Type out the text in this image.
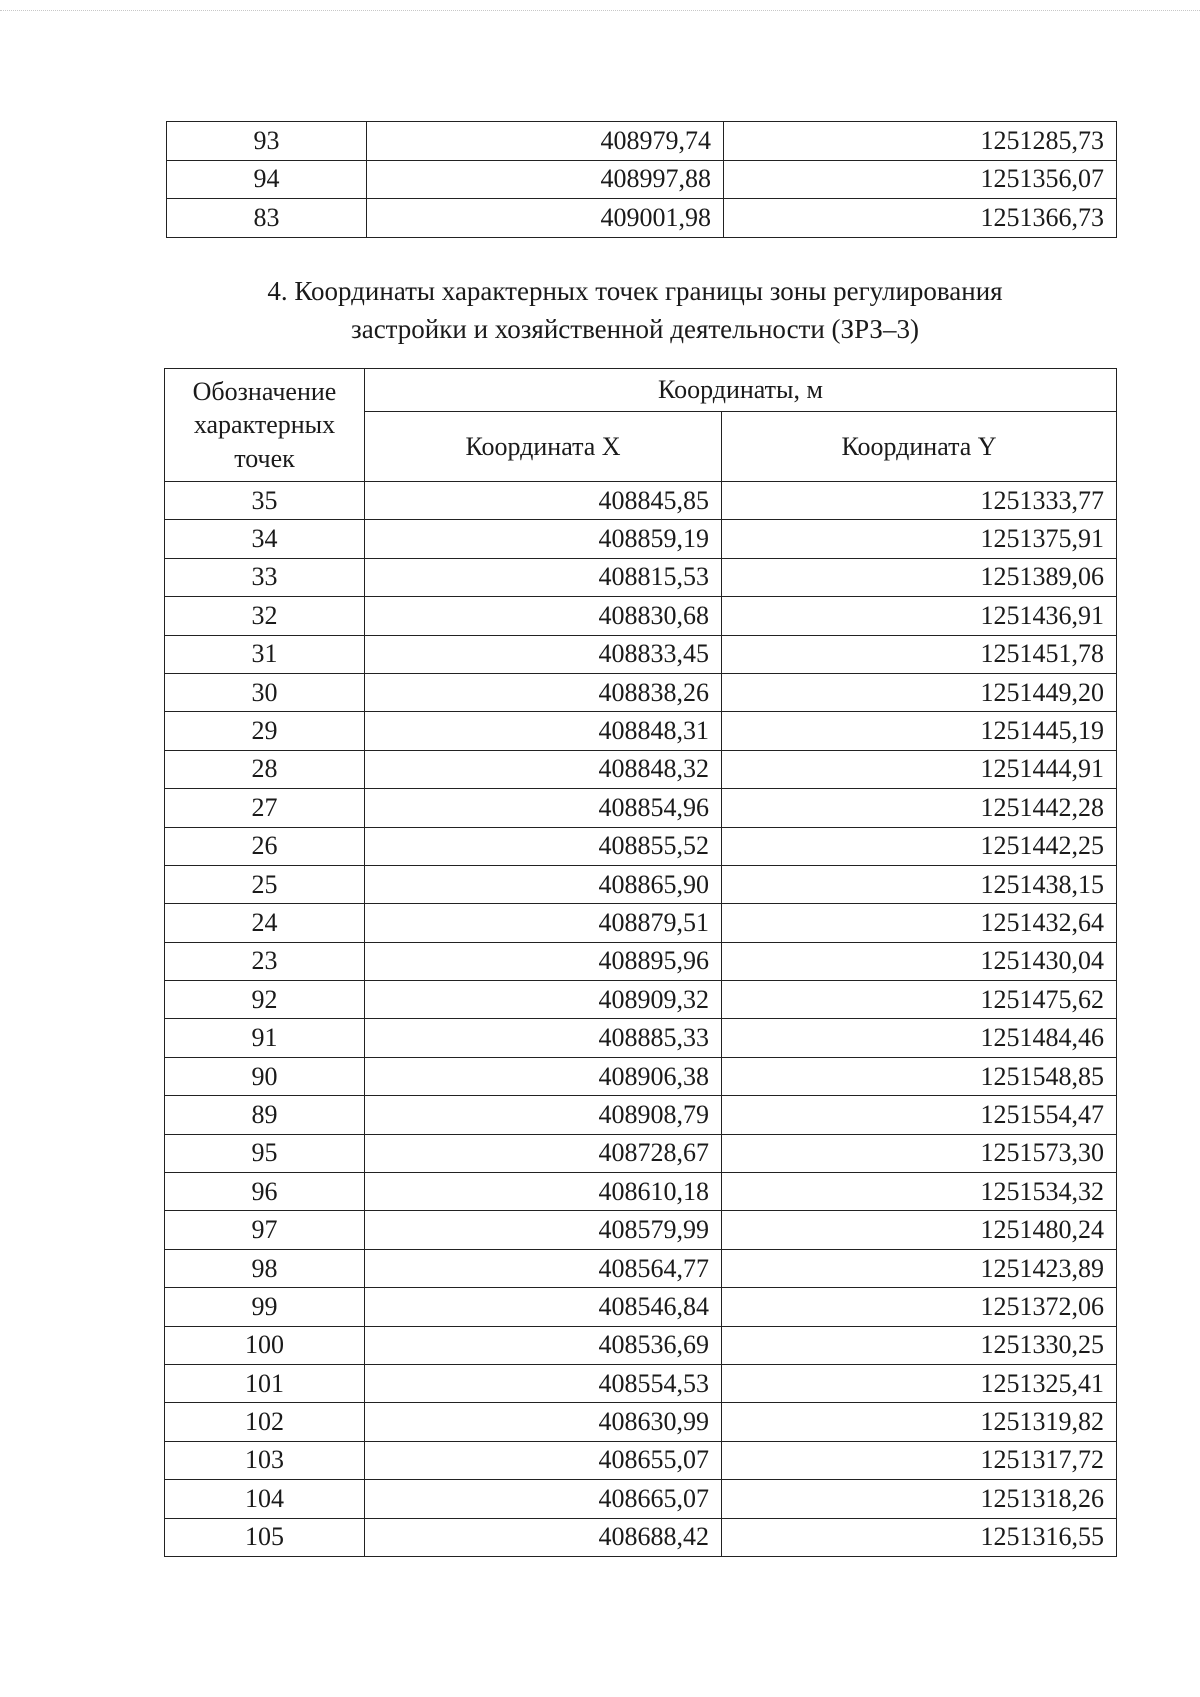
93	408979,74	1251285,73
94	408997,88	1251356,07
83	409001,98	1251366,73
4. Координаты характерных точек границы зоны регулирования
застройки и хозяйственной деятельности (ЗРЗ–3)
Обозначение характерных точек	Координаты, м	
	Координата X	Координата Y
35	408845,85	1251333,77
34	408859,19	1251375,91
33	408815,53	1251389,06
32	408830,68	1251436,91
31	408833,45	1251451,78
30	408838,26	1251449,20
29	408848,31	1251445,19
28	408848,32	1251444,91
27	408854,96	1251442,28
26	408855,52	1251442,25
25	408865,90	1251438,15
24	408879,51	1251432,64
23	408895,96	1251430,04
92	408909,32	1251475,62
91	408885,33	1251484,46
90	408906,38	1251548,85
89	408908,79	1251554,47
95	408728,67	1251573,30
96	408610,18	1251534,32
97	408579,99	1251480,24
98	408564,77	1251423,89
99	408546,84	1251372,06
100	408536,69	1251330,25
101	408554,53	1251325,41
102	408630,99	1251319,82
103	408655,07	1251317,72
104	408665,07	1251318,26
105	408688,42	1251316,55
